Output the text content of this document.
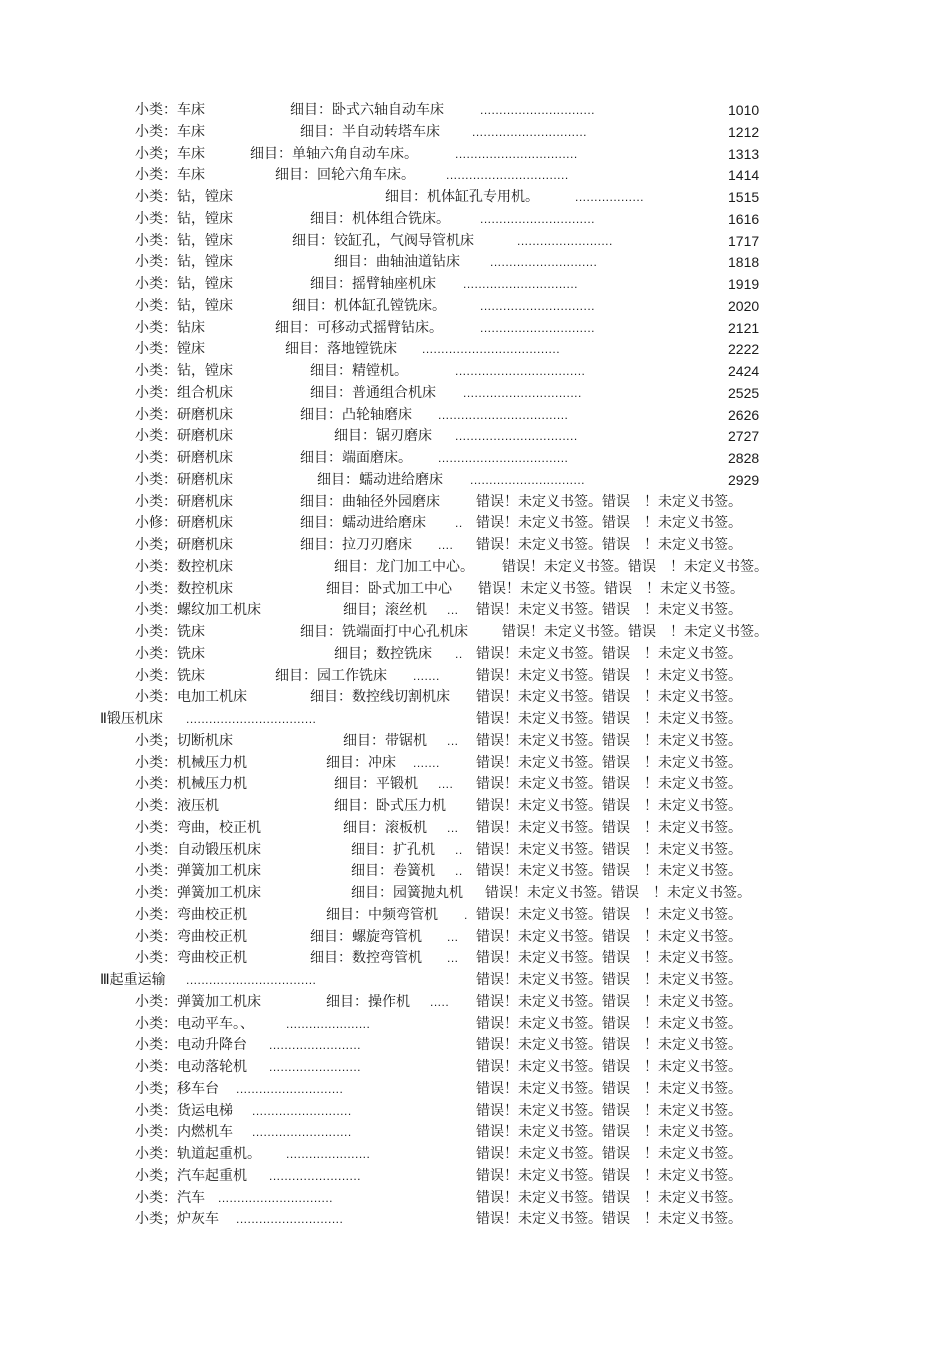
小类：车床	细目：卧式六轴自动车床	..............................	1010
小类：车床	细目：半自动转塔车床	..............................	1212
小类；车床	细目：单轴六角自动车床。	................................	1313
小类：车床	细目：回轮六角车床。	................................	1414
小类：钻，镗床	细目：机体缸孔专用机。	..................	1515
小类：钻，镗床	细目：机体组合铣床。	..............................	1616
小类：钻，镗床	细目：铰缸孔，气阀导管机床	.........................	1717
小类：钻，镗床	细目：曲轴油道钻床	............................	1818
小类：钻，镗床	细目：摇臂轴座机床 ..............................	1919
小类：钻，镗床	细目：机体缸孔镗铣床。	..............................	2020
小类：钻床	细目：可移动式摇臂钻床。	..............................	2121
小类：镗床	细目：落地镗铣床 ....................................	2222
小类：钻，镗床	细目：精镗机。	..................................	2424
小类：组合机床	细目：普通组合机床 ...............................	2525
小类：研磨机床	细目：凸轮轴磨床 ..................................	2626
小类：研磨机床	细目：锯刃磨床 ................................	2727
小类：研磨机床	细目：端面磨床。 ..................................	2828
小类：研磨机床	细目：蠕动进给磨床 ..............................	2929
小类：研磨机床	细目：曲轴径外园磨床	错误！未定义书签。错误　！未定义书签。
小修：研磨机床	细目：蠕动进给磨床 .. 错误！未定义书签。错误　！未定义书签。
小类；研磨机床	细目：拉刀刃磨床 .... 错误！未定义书签。错误　！未定义书签。
小类：数控机床	细目：龙门加工中心。 错误！未定义书签。错误　！未定义书签。
小类：数控机床	细目：卧式加工中心 错误！未定义书签。错误　！未定义书签。
小类：螺纹加工机床	细目；滚丝机 ... 错误！未定义书签。错误　！未定义书签。
小类：铣床	细目：铣端面打中心孔机床 错误！未定义书签。错误　！未定义书签。
小类：铣床	细目；数控铣床 .. 错误！未定义书签。错误　！未定义书签。
小类：铣床	细目：园工作铣床 .......	错误！未定义书签。错误　！未定义书签。
小类：电加工机床	细目：数控线切割机床 错误！未定义书签。错误　！未定义书签。
Ⅱ锻压机床 ..................................	错误！未定义书签。错误　！未定义书签。
小类；切断机床	细目：带锯机 ... 错误！未定义书签。错误　！未定义书签。
小类：机械压力机	细目：冲床 .......	错误！未定义书签。错误　！未定义书签。
小类：机械压力机	细目：平锻机 .... 错误！未定义书签。错误　！未定义书签。
小类：液压机	细目：卧式压力机 错误！未定义书签。错误　！未定义书签。
小类：弯曲，校正机	细目：滚板机 ... 错误！未定义书签。错误　！未定义书签。
小类：自动锻压机床	细目：扩孔机 .. 错误！未定义书签。错误　！未定义书签。
小类：弹簧加工机床	细目：卷簧机 .. 错误！未定义书签。错误　！未定义书签。
小类：弹簧加工机床	细目：园簧抛丸机 错误！未定义书签。错误　！未定义书签。
小类：弯曲校正机	细目：中频弯管机 . 错误！未定义书签。错误　！未定义书签。
小类：弯曲校正机	细目：螺旋弯管机 ... 错误！未定义书签。错误　！未定义书签。
小类：弯曲校正机	细目：数控弯管机 ... 错误！未定义书签。错误　！未定义书签。
Ⅲ起重运输 ..................................	错误！未定义书签。错误　！未定义书签。
小类：弹簧加工机床	细目：操作机 ..... 错误！未定义书签。错误　！未定义书签。
小类：电动平车。、	......................	错误！未定义书签。错误　！未定义书签。
小类：电动升降台 ........................	错误！未定义书签。错误　！未定义书签。
小类：电动落轮机 ........................	错误！未定义书签。错误　！未定义书签。
小类；移车台 ............................	错误！未定义书签。错误　！未定义书签。
小类：货运电梯 ..........................	错误！未定义书签。错误　！未定义书签。
小类：内燃机车 ..........................	错误！未定义书签。错误　！未定义书签。
小类：轨道起重机。 ......................	错误！未定义书签。错误　！未定义书签。
小类；汽车起重机 ........................	错误！未定义书签。错误　！未定义书签。
小类：汽车 ..............................	错误！未定义书签。错误　！未定义书签。
小类；炉灰车 ............................	错误！未定义书签。错误　！未定义书签。
